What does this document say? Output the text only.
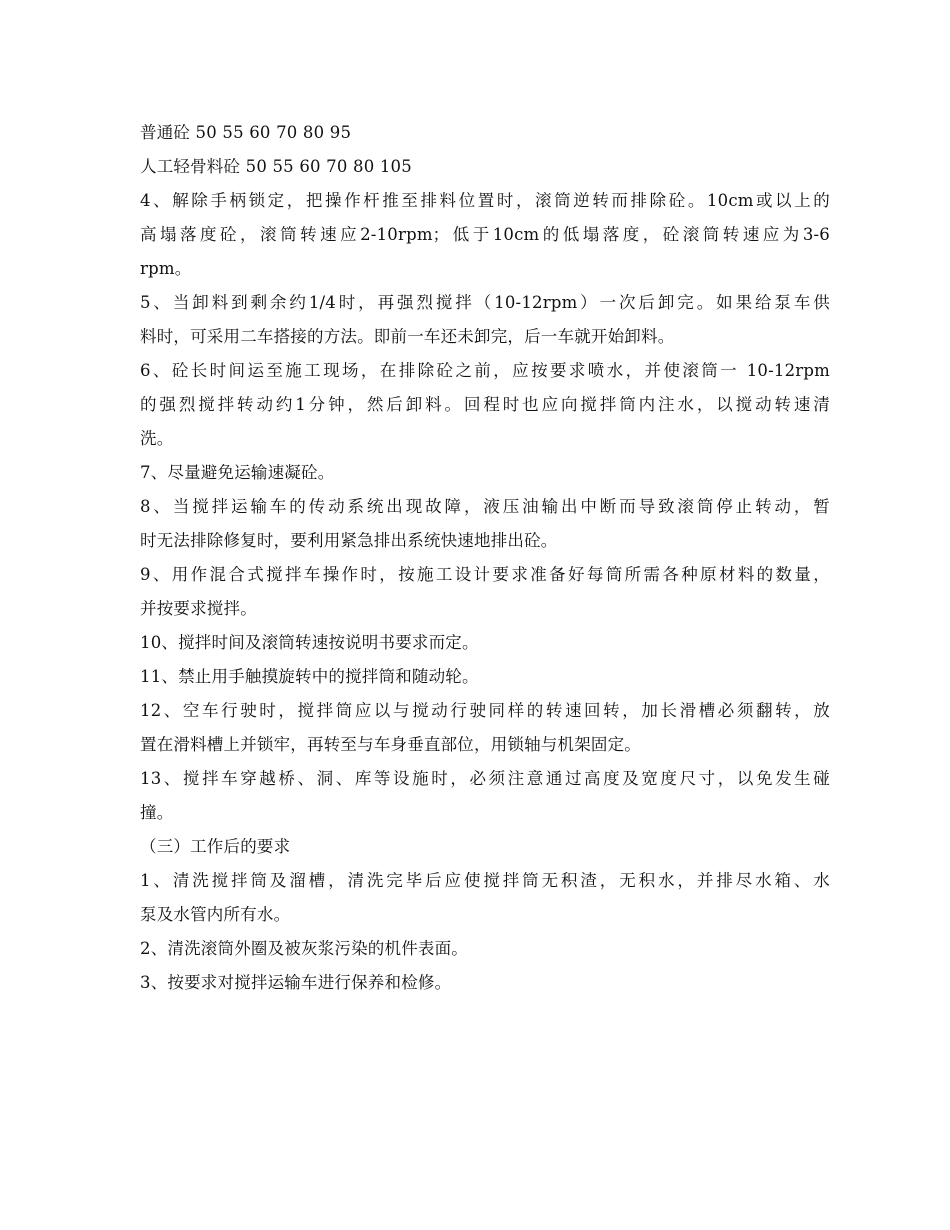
普通砼 50 55 60 70 80 95
人工轻骨料砼 50 55 60 70 80 105
4、解除手柄锁定，把操作杆推至排料位置时，滚筒逆转而排除砼。10cm或以上的
高塌落度砼，滚筒转速应2-10rpm；低于10cm的低塌落度，砼滚筒转速应为3-6
rpm。
5、当卸料到剩余约1/4时，再强烈搅拌（10-12rpm）一次后卸完。如果给泵车供
料时，可采用二车搭接的方法。即前一车还未卸完，后一车就开始卸料。
6、砼长时间运至施工现场，在排除砼之前，应按要求喷水，并使滚筒一 10-12rpm
的强烈搅拌转动约1分钟，然后卸料。回程时也应向搅拌筒内注水，以搅动转速清
洗。
7、尽量避免运输速凝砼。
8、当搅拌运输车的传动系统出现故障，液压油输出中断而导致滚筒停止转动，暂
时无法排除修复时，要利用紧急排出系统快速地排出砼。
9、用作混合式搅拌车操作时，按施工设计要求准备好每筒所需各种原材料的数量，
并按要求搅拌。
10、搅拌时间及滚筒转速按说明书要求而定。
11、禁止用手触摸旋转中的搅拌筒和随动轮。
12、空车行驶时，搅拌筒应以与搅动行驶同样的转速回转，加长滑槽必须翻转，放
置在滑料槽上并锁牢，再转至与车身垂直部位，用锁轴与机架固定。
13、搅拌车穿越桥、洞、库等设施时，必须注意通过高度及宽度尺寸，以免发生碰
撞。
（三）工作后的要求
1、清洗搅拌筒及溜槽，清洗完毕后应使搅拌筒无积渣，无积水，并排尽水箱、水
泵及水管内所有水。
2、清洗滚筒外圈及被灰浆污染的机件表面。
3、按要求对搅拌运输车进行保养和检修。
